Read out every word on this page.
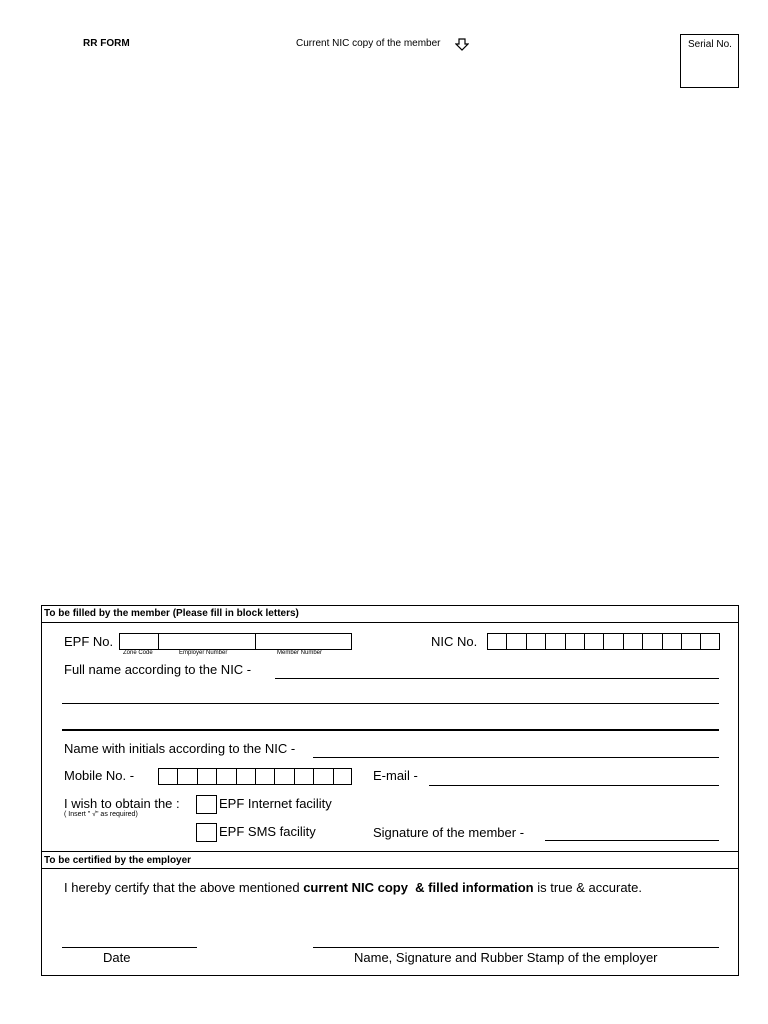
RR FORM	Current NIC copy of the member	Serial No.
To be filled by the member (Please fill in block letters)
EPF No.
Zone Code	Employer Number	Member Number
NIC No.
Full name according to the NIC -
Name with initials according to the NIC -
Mobile No. -	E-mail -
I wish to obtain the :
( Insert " √" as required)
EPF Internet facility
EPF SMS facility	Signature of the member -
To be certified by the employer
I hereby certify that the above mentioned current NIC copy  & filled information is true & accurate.
Date	Name, Signature and Rubber Stamp of the employer
